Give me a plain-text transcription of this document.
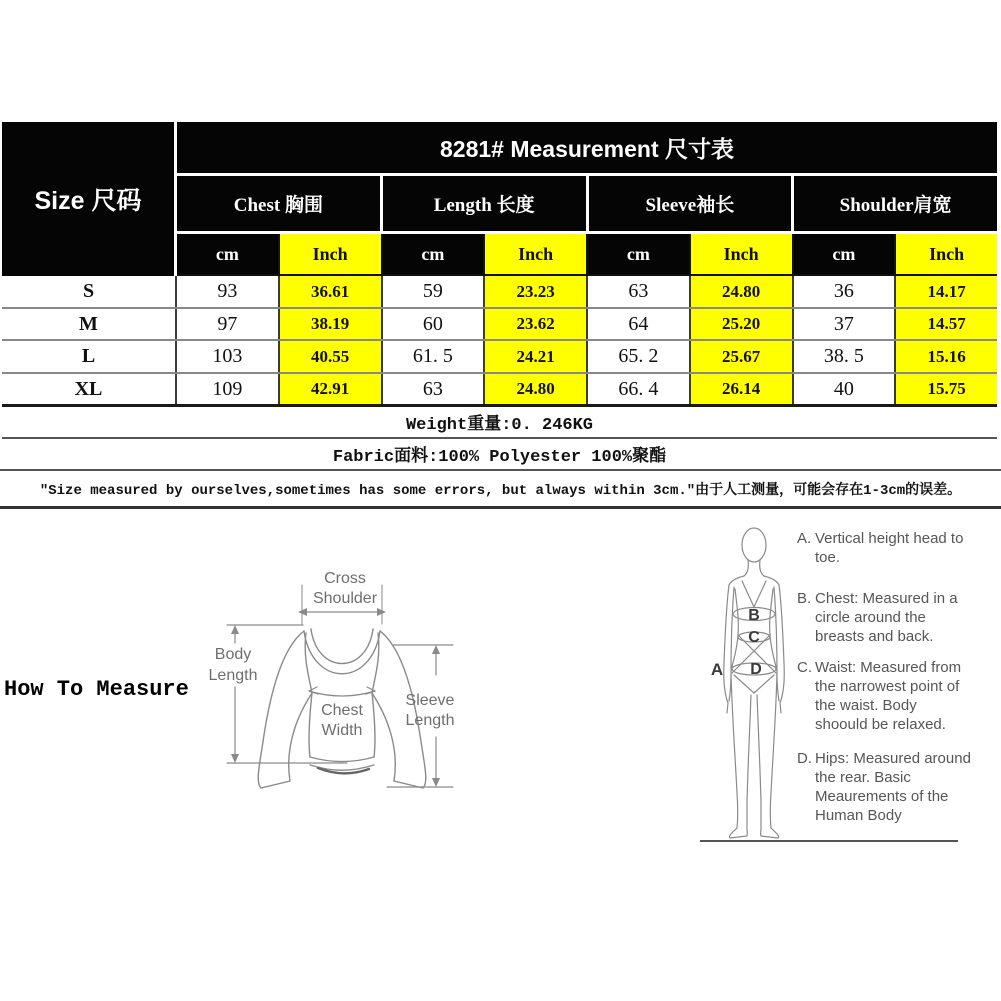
Size 尺码
8281# Measurement 尺寸表
Chest 胸围	Length 长度	Sleeve袖长	Shoulder肩宽
cm	Inch	cm	Inch	cm	Inch	cm	Inch
S	93	36.61	59	23.23	63	24.80	36	14.17
M	97	38.19	60	23.62	64	25.20	37	14.57
L	103	40.55	61. 5	24.21	65. 2	25.67	38. 5	15.16
XL	109	42.91	63	24.80	66. 4	26.14	40	15.75
Weight重量:0. 246KG
Fabric面料:100% Polyester 100%聚酯
″Size measured by ourselves,sometimes has some errors, but always within 3cm.″由于人工测量，可能会存在1-3cm的误差。
How To Measure
Cross
Shoulder
Body
Length
Chest
Width
Sleeve
Length
A
B
C
D
A. Vertical height head to toe.
B. Chest: Measured in a circle around the breasts and back.
C. Waist: Measured from the narrowest point of the waist. Body shoould be relaxed.
D. Hips: Measured around the rear. Basic Meaurements of the Human Body
